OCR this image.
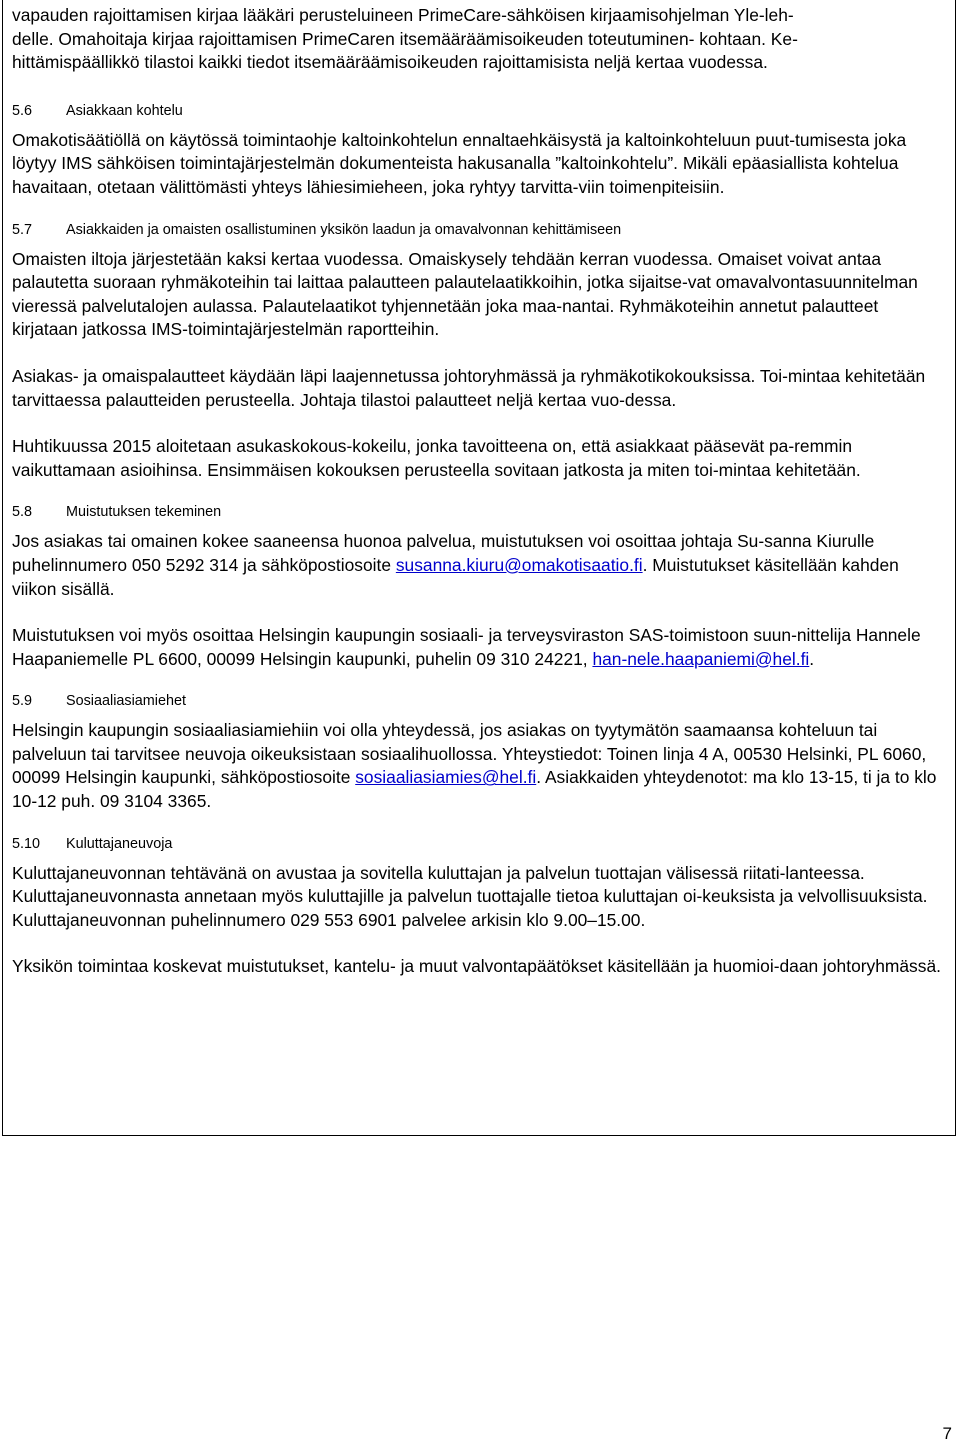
vapauden rajoittamisen kirjaa lääkäri perusteluineen PrimeCare-sähköisen kirjaamisohjelman Yle-leh-

delle. Omahoitaja kirjaa rajoittamisen PrimeCaren itsemääräämisoikeuden toteutuminen- kohtaan. Ke-

hittämispäällikkö tilastoi kaikki tiedot itsemääräämisoikeuden rajoittamisista neljä kertaa vuodessa.

5.6	Asiakkaan kohtelu

Omakotisäätiöllä on käytössä toimintaohje kaltoinkohtelun ennaltaehkäisystä ja kaltoinkohteluun puut-tumisesta joka löytyy IMS sähköisen toimintajärjestelmän dokumenteista hakusanalla ”kaltoinkohtelu”. Mikäli epäasiallista kohtelua havaitaan, otetaan välittömästi yhteys lähiesimieheen, joka ryhtyy tarvitta-viin toimenpiteisiin.

5.7	Asiakkaiden ja omaisten osallistuminen yksikön laadun ja omavalvonnan kehittämiseen

Omaisten iltoja järjestetään kaksi kertaa vuodessa. Omaiskysely tehdään kerran vuodessa. Omaiset voivat antaa palautetta suoraan ryhmäkoteihin tai laittaa palautteen palautelaatikkoihin, jotka sijaitse-vat omavalvontasuunnitelman vieressä palvelutalojen aulassa. Palautelaatikot tyhjennetään joka maa-nantai. Ryhmäkoteihin annetut palautteet kirjataan jatkossa IMS-toimintajärjestelmän raportteihin.

Asiakas- ja omaispalautteet käydään läpi laajennetussa johtoryhmässä ja ryhmäkotikokouksissa. Toi-mintaa kehitetään tarvittaessa palautteiden perusteella. Johtaja tilastoi palautteet neljä kertaa vuo-dessa.

Huhtikuussa 2015 aloitetaan asukaskokous-kokeilu, jonka tavoitteena on, että asiakkaat pääsevät pa-remmin vaikuttamaan asioihinsa. Ensimmäisen kokouksen perusteella sovitaan jatkosta ja miten toi-mintaa kehitetään.

5.8	Muistutuksen tekeminen

Jos asiakas tai omainen kokee saaneensa huonoa palvelua, muistutuksen voi osoittaa johtaja Su-sanna Kiurulle puhelinnumero 050 5292 314 ja sähköpostiosoite susanna.kiuru@omakotisaatio.fi. Muistutukset käsitellään kahden viikon sisällä.

Muistutuksen voi myös osoittaa Helsingin kaupungin sosiaali- ja terveysviraston SAS-toimistoon suun-nittelija Hannele Haapaniemelle PL 6600, 00099 Helsingin kaupunki, puhelin 09 310 24221, han-nele.haapaniemi@hel.fi.

5.9	Sosiaaliasiamiehet

Helsingin kaupungin sosiaaliasiamiehiin voi olla yhteydessä, jos asiakas on tyytymätön saamaansa kohteluun tai palveluun tai tarvitsee neuvoja oikeuksistaan sosiaalihuollossa. Yhteystiedot: Toinen linja 4 A, 00530 Helsinki, PL 6060, 00099 Helsingin kaupunki, sähköpostiosoite sosiaaliasiamies@hel.fi. Asiakkaiden yhteydenotot: ma klo 13-15, ti ja to klo 10-12 puh. 09 3104 3365.

5.10	Kuluttajaneuvoja

Kuluttajaneuvonnan tehtävänä on avustaa ja sovitella kuluttajan ja palvelun tuottajan välisessä riitati-lanteessa. Kuluttajaneuvonnasta annetaan myös kuluttajille ja palvelun tuottajalle tietoa kuluttajan oi-keuksista ja velvollisuuksista.

Kuluttajaneuvonnan puhelinnumero 029 553 6901 palvelee arkisin klo 9.00–15.00.

Yksikön toimintaa koskevat muistutukset, kantelu- ja muut valvontapäätökset käsitellään ja huomioi-daan johtoryhmässä.

7
